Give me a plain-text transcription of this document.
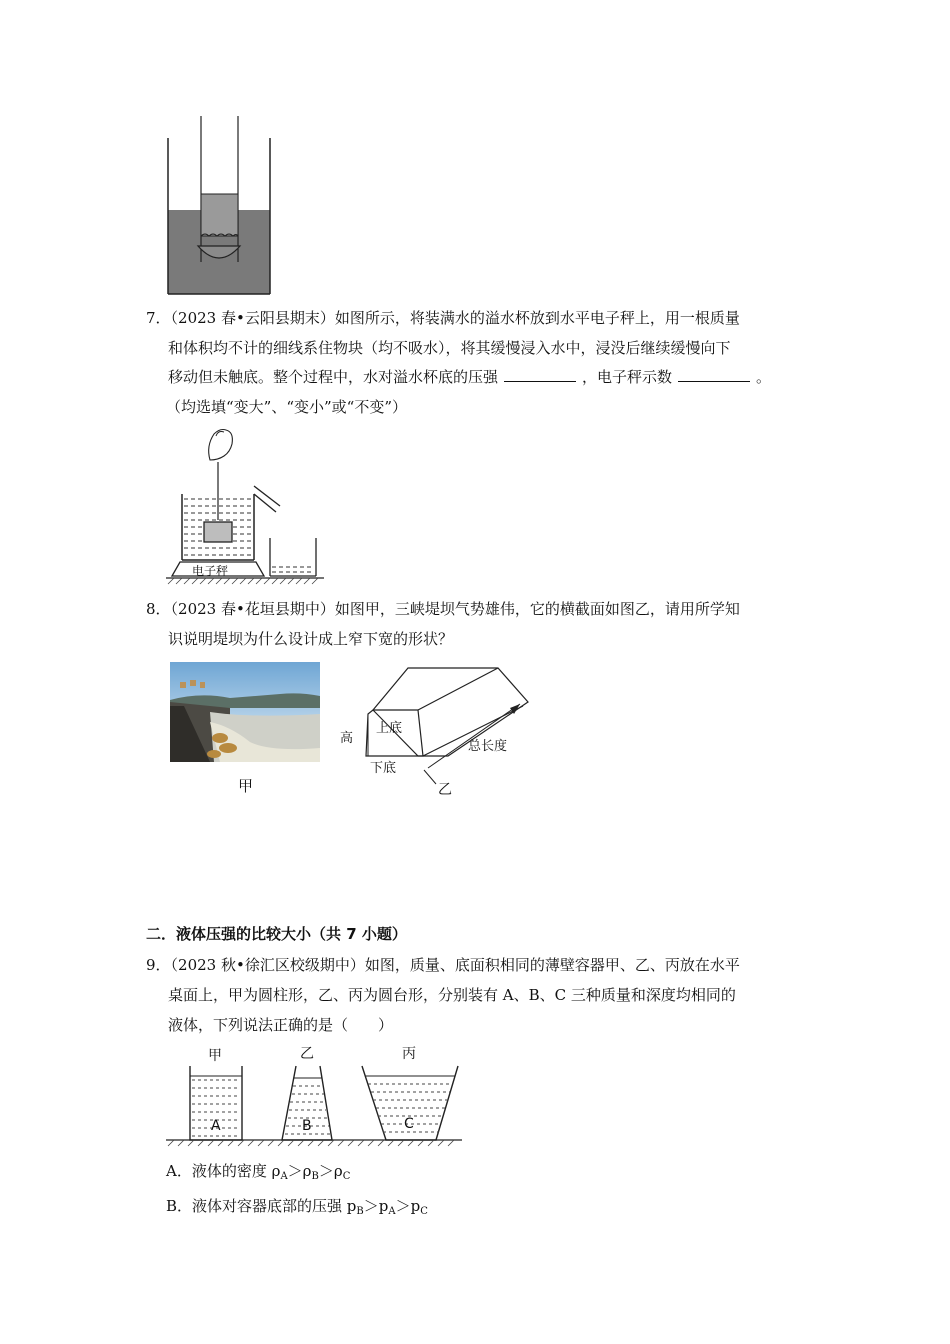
7．（2023 春•云阳县期末）如图所示，将装满水的溢水杯放到水平电子秤上，用一根质量
和体积均不计的细线系住物块（均不吸水），将其缓慢浸入水中，浸没后继续缓慢向下
移动但未触底。整个过程中，水对溢水杯底的压强	，电子秤示数	。
（均选填“变大”、“变小”或“不变”）
电子秤
8．（2023 春•花垣县期中）如图甲，三峡堤坝气势雄伟，它的横截面如图乙，请用所学知
识说明堤坝为什么设计成上窄下宽的形状？
甲
上底
高
下底
总长度
乙
二．液体压强的比较大小（共 7 小题）
9．（2023 秋•徐汇区校级期中）如图，质量、底面积相同的薄壁容器甲、乙、丙放在水平
桌面上，甲为圆柱形，乙、丙为圆台形，分别装有 A、B、C 三种质量和深度均相同的
液体，下列说法正确的是（　　）
甲	乙	丙
A	B	C
A．液体的密度 $\rho_A>\rho_B>\rho_C$
B．液体对容器底部的压强 $p_B>p_A>p_C$
